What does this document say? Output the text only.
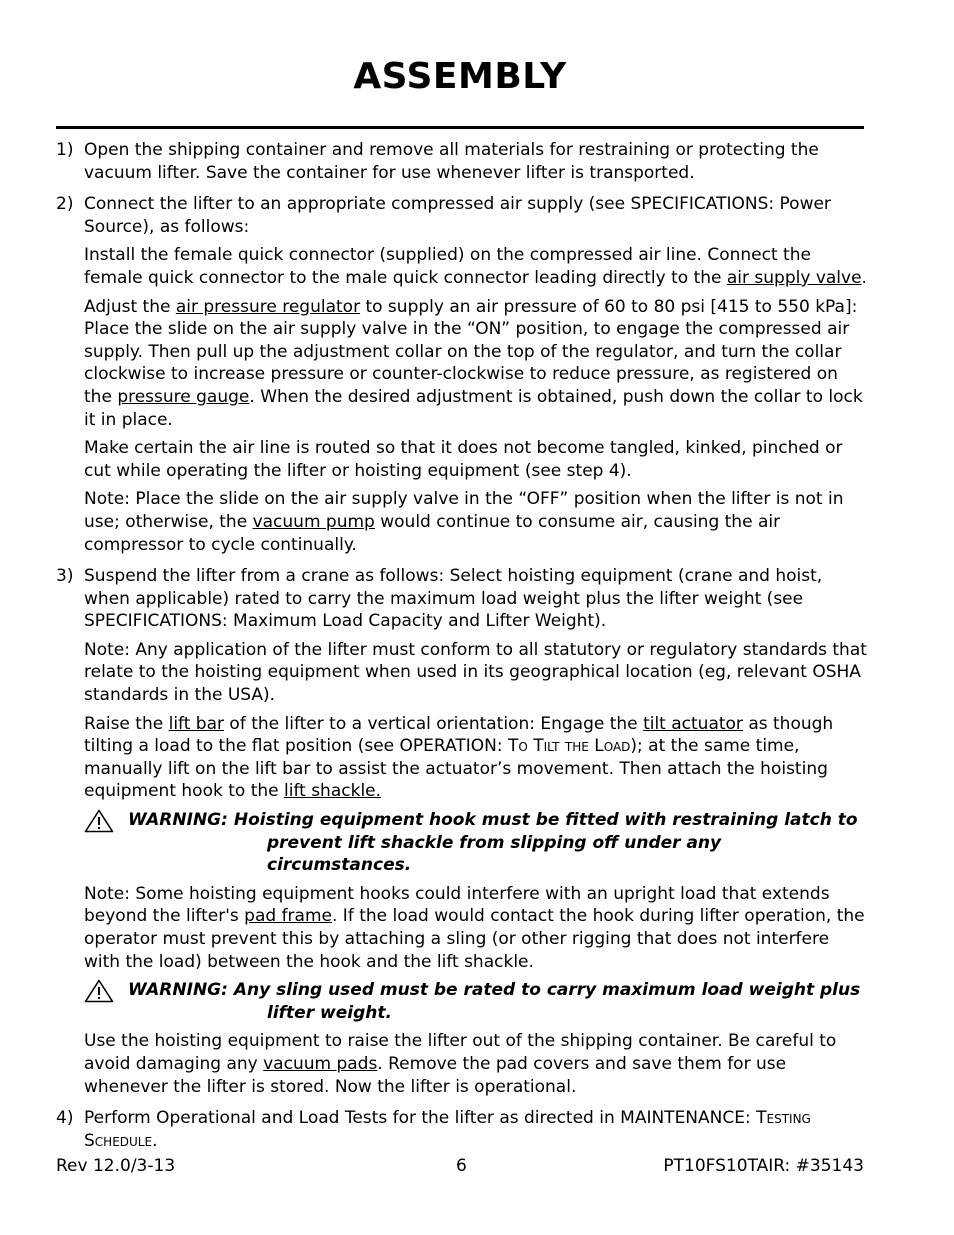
ASSEMBLY
1) Open the shipping container and remove all materials for restraining or protecting the vacuum lifter. Save the container for use whenever lifter is transported.

2) Connect the lifter to an appropriate compressed air supply (see SPECIFICATIONS: Power Source), as follows:

Install the female quick connector (supplied) on the compressed air line. Connect the female quick connector to the male quick connector leading directly to the air supply valve.

Adjust the air pressure regulator to supply an air pressure of 60 to 80 psi [415 to 550 kPa]: Place the slide on the air supply valve in the “ON” position, to engage the compressed air supply. Then pull up the adjustment collar on the top of the regulator, and turn the collar clockwise to increase pressure or counter-clockwise to reduce pressure, as registered on the pressure gauge. When the desired adjustment is obtained, push down the collar to lock it in place.

Make certain the air line is routed so that it does not become tangled, kinked, pinched or cut while operating the lifter or hoisting equipment (see step 4).

Note: Place the slide on the air supply valve in the “OFF” position when the lifter is not in use; otherwise, the vacuum pump would continue to consume air, causing the air compressor to cycle continually.

3) Suspend the lifter from a crane as follows: Select hoisting equipment (crane and hoist, when applicable) rated to carry the maximum load weight plus the lifter weight (see SPECIFICATIONS: Maximum Load Capacity and Lifter Weight).

Note: Any application of the lifter must conform to all statutory or regulatory standards that relate to the hoisting equipment when used in its geographical location (eg, relevant OSHA standards in the USA).

Raise the lift bar of the lifter to a vertical orientation: Engage the tilt actuator as though tilting a load to the flat position (see OPERATION: To Tilt the Load); at the same time, manually lift on the lift bar to assist the actuator’s movement. Then attach the hoisting equipment hook to the lift shackle.

WARNING: Hoisting equipment hook must be fitted with restraining latch to
prevent lift shackle from slipping off under any circumstances.

Note: Some hoisting equipment hooks could interfere with an upright load that extends beyond the lifter's pad frame. If the load would contact the hook during lifter operation, the operator must prevent this by attaching a sling (or other rigging that does not interfere with the load) between the hook and the lift shackle.

WARNING: Any sling used must be rated to carry maximum load weight plus
lifter weight.

Use the hoisting equipment to raise the lifter out of the shipping container. Be careful to avoid damaging any vacuum pads. Remove the pad covers and save them for use whenever the lifter is stored. Now the lifter is operational.

4) Perform Operational and Load Tests for the lifter as directed in MAINTENANCE: Testing Schedule.

Rev 12.0/3-13	6	PT10FS10TAIR: #35143
